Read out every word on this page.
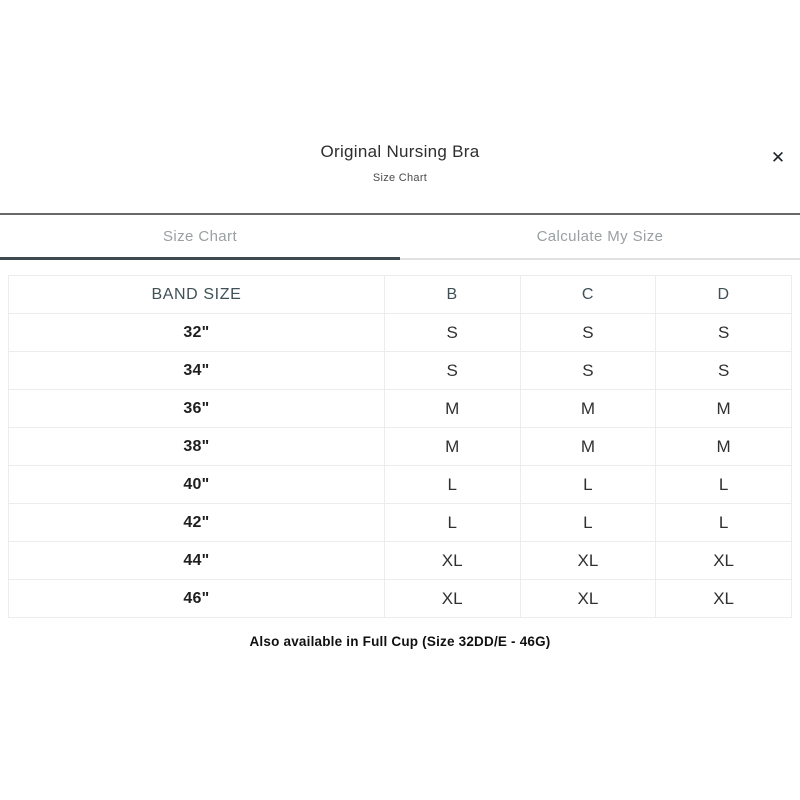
Original Nursing Bra
Size Chart
✕
Size Chart	Calculate My Size
BAND SIZE	B	C	D
32"	S	S	S
34"	S	S	S
36"	M	M	M
38"	M	M	M
40"	L	L	L
42"	L	L	L
44"	XL	XL	XL
46"	XL	XL	XL
Also available in Full Cup (Size 32DD/E - 46G)
